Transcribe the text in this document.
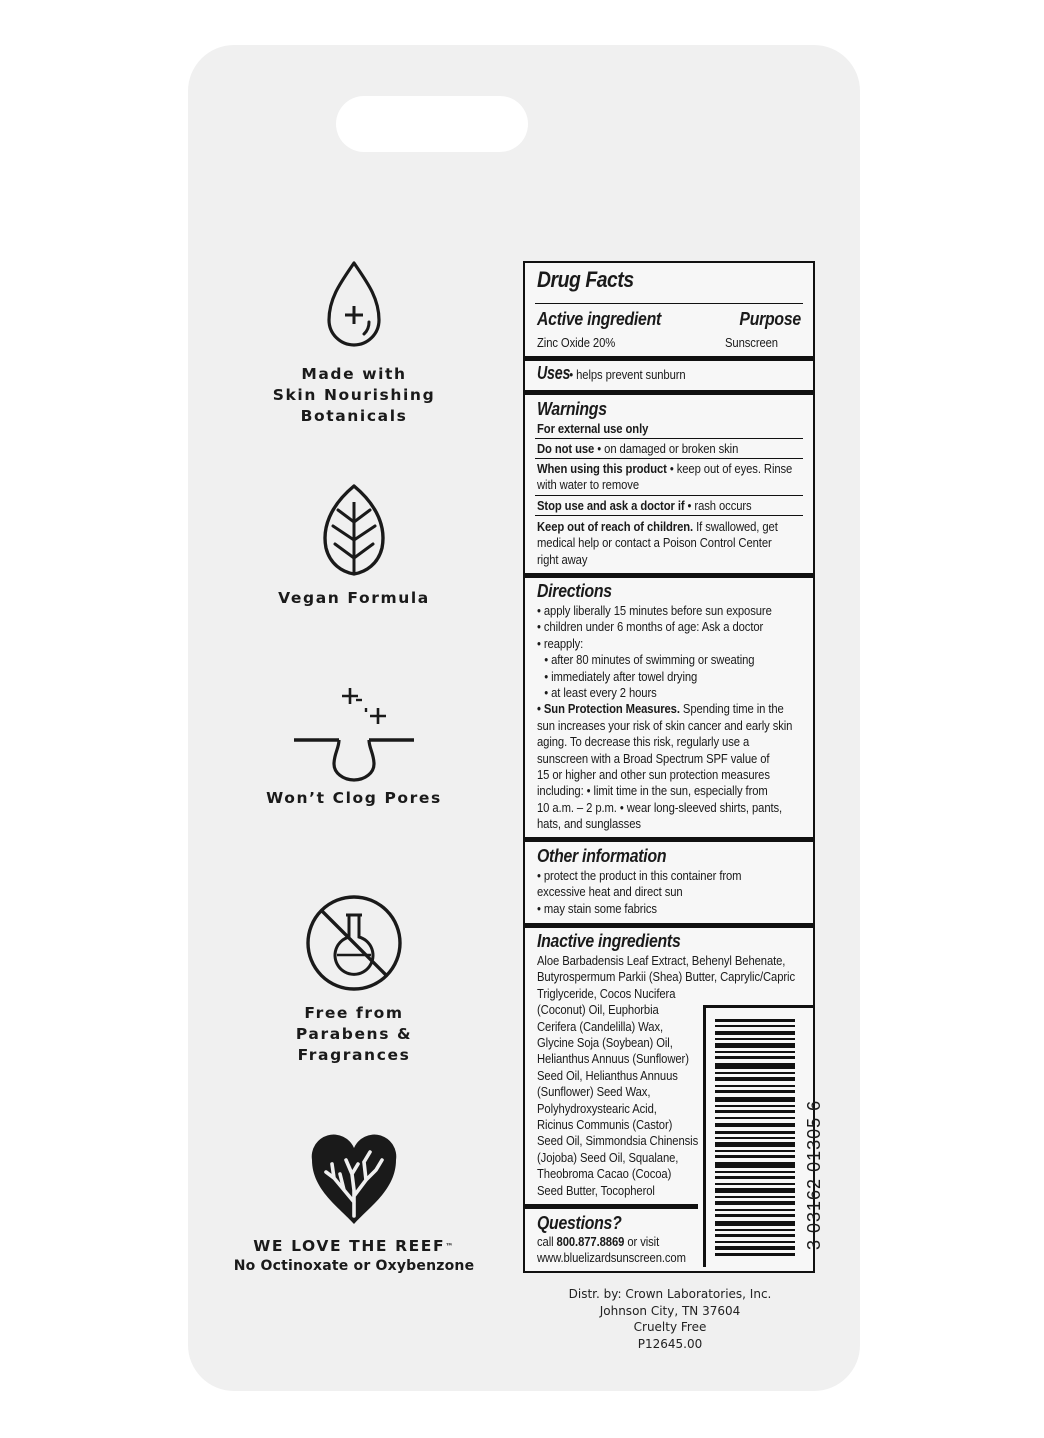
Made with
Skin Nourishing
Botanicals
Vegan Formula
Won’t Clog Pores
Free from
Parabens &
Fragrances
WE LOVE THE REEF™
No Octinoxate or Oxybenzone
Drug Facts
Active ingredient	Purpose
Zinc Oxide 20%	Sunscreen
Uses• helps prevent sunburn
Warnings
For external use only
Do not use • on damaged or broken skin
When using this product • keep out of eyes. Rinse
with water to remove
Stop use and ask a doctor if • rash occurs
Keep out of reach of children. If swallowed, get
medical help or contact a Poison Control Center
right away
Directions
• apply liberally 15 minutes before sun exposure
• children under 6 months of age: Ask a doctor
• reapply:
• after 80 minutes of swimming or sweating
• immediately after towel drying
• at least every 2 hours
• Sun Protection Measures. Spending time in the
sun increases your risk of skin cancer and early skin
aging. To decrease this risk, regularly use a
sunscreen with a Broad Spectrum SPF value of
15 or higher and other sun protection measures
including: • limit time in the sun, especially from
10 a.m. – 2 p.m. • wear long-sleeved shirts, pants,
hats, and sunglasses
Other information
• protect the product in this container from
excessive heat and direct sun
• may stain some fabrics
Inactive ingredients
Aloe Barbadensis Leaf Extract, Behenyl Behenate,
Butyrospermum Parkii (Shea) Butter, Caprylic/Capric
Triglyceride, Cocos Nucifera
(Coconut) Oil, Euphorbia
Cerifera (Candelilla) Wax,
Glycine Soja (Soybean) Oil,
Helianthus Annuus (Sunflower)
Seed Oil, Helianthus Annuus
(Sunflower) Seed Wax,
Polyhydroxystearic Acid,
Ricinus Communis (Castor)
Seed Oil, Simmondsia Chinensis
(Jojoba) Seed Oil, Squalane,
Theobroma Cacao (Cocoa)
Seed Butter, Tocopherol
Questions?
call 800.877.8869 or visit
www.bluelizardsunscreen.com
3 03162 01305 6
Distr. by: Crown Laboratories, Inc.
Johnson City, TN 37604
Cruelty Free
P12645.00
